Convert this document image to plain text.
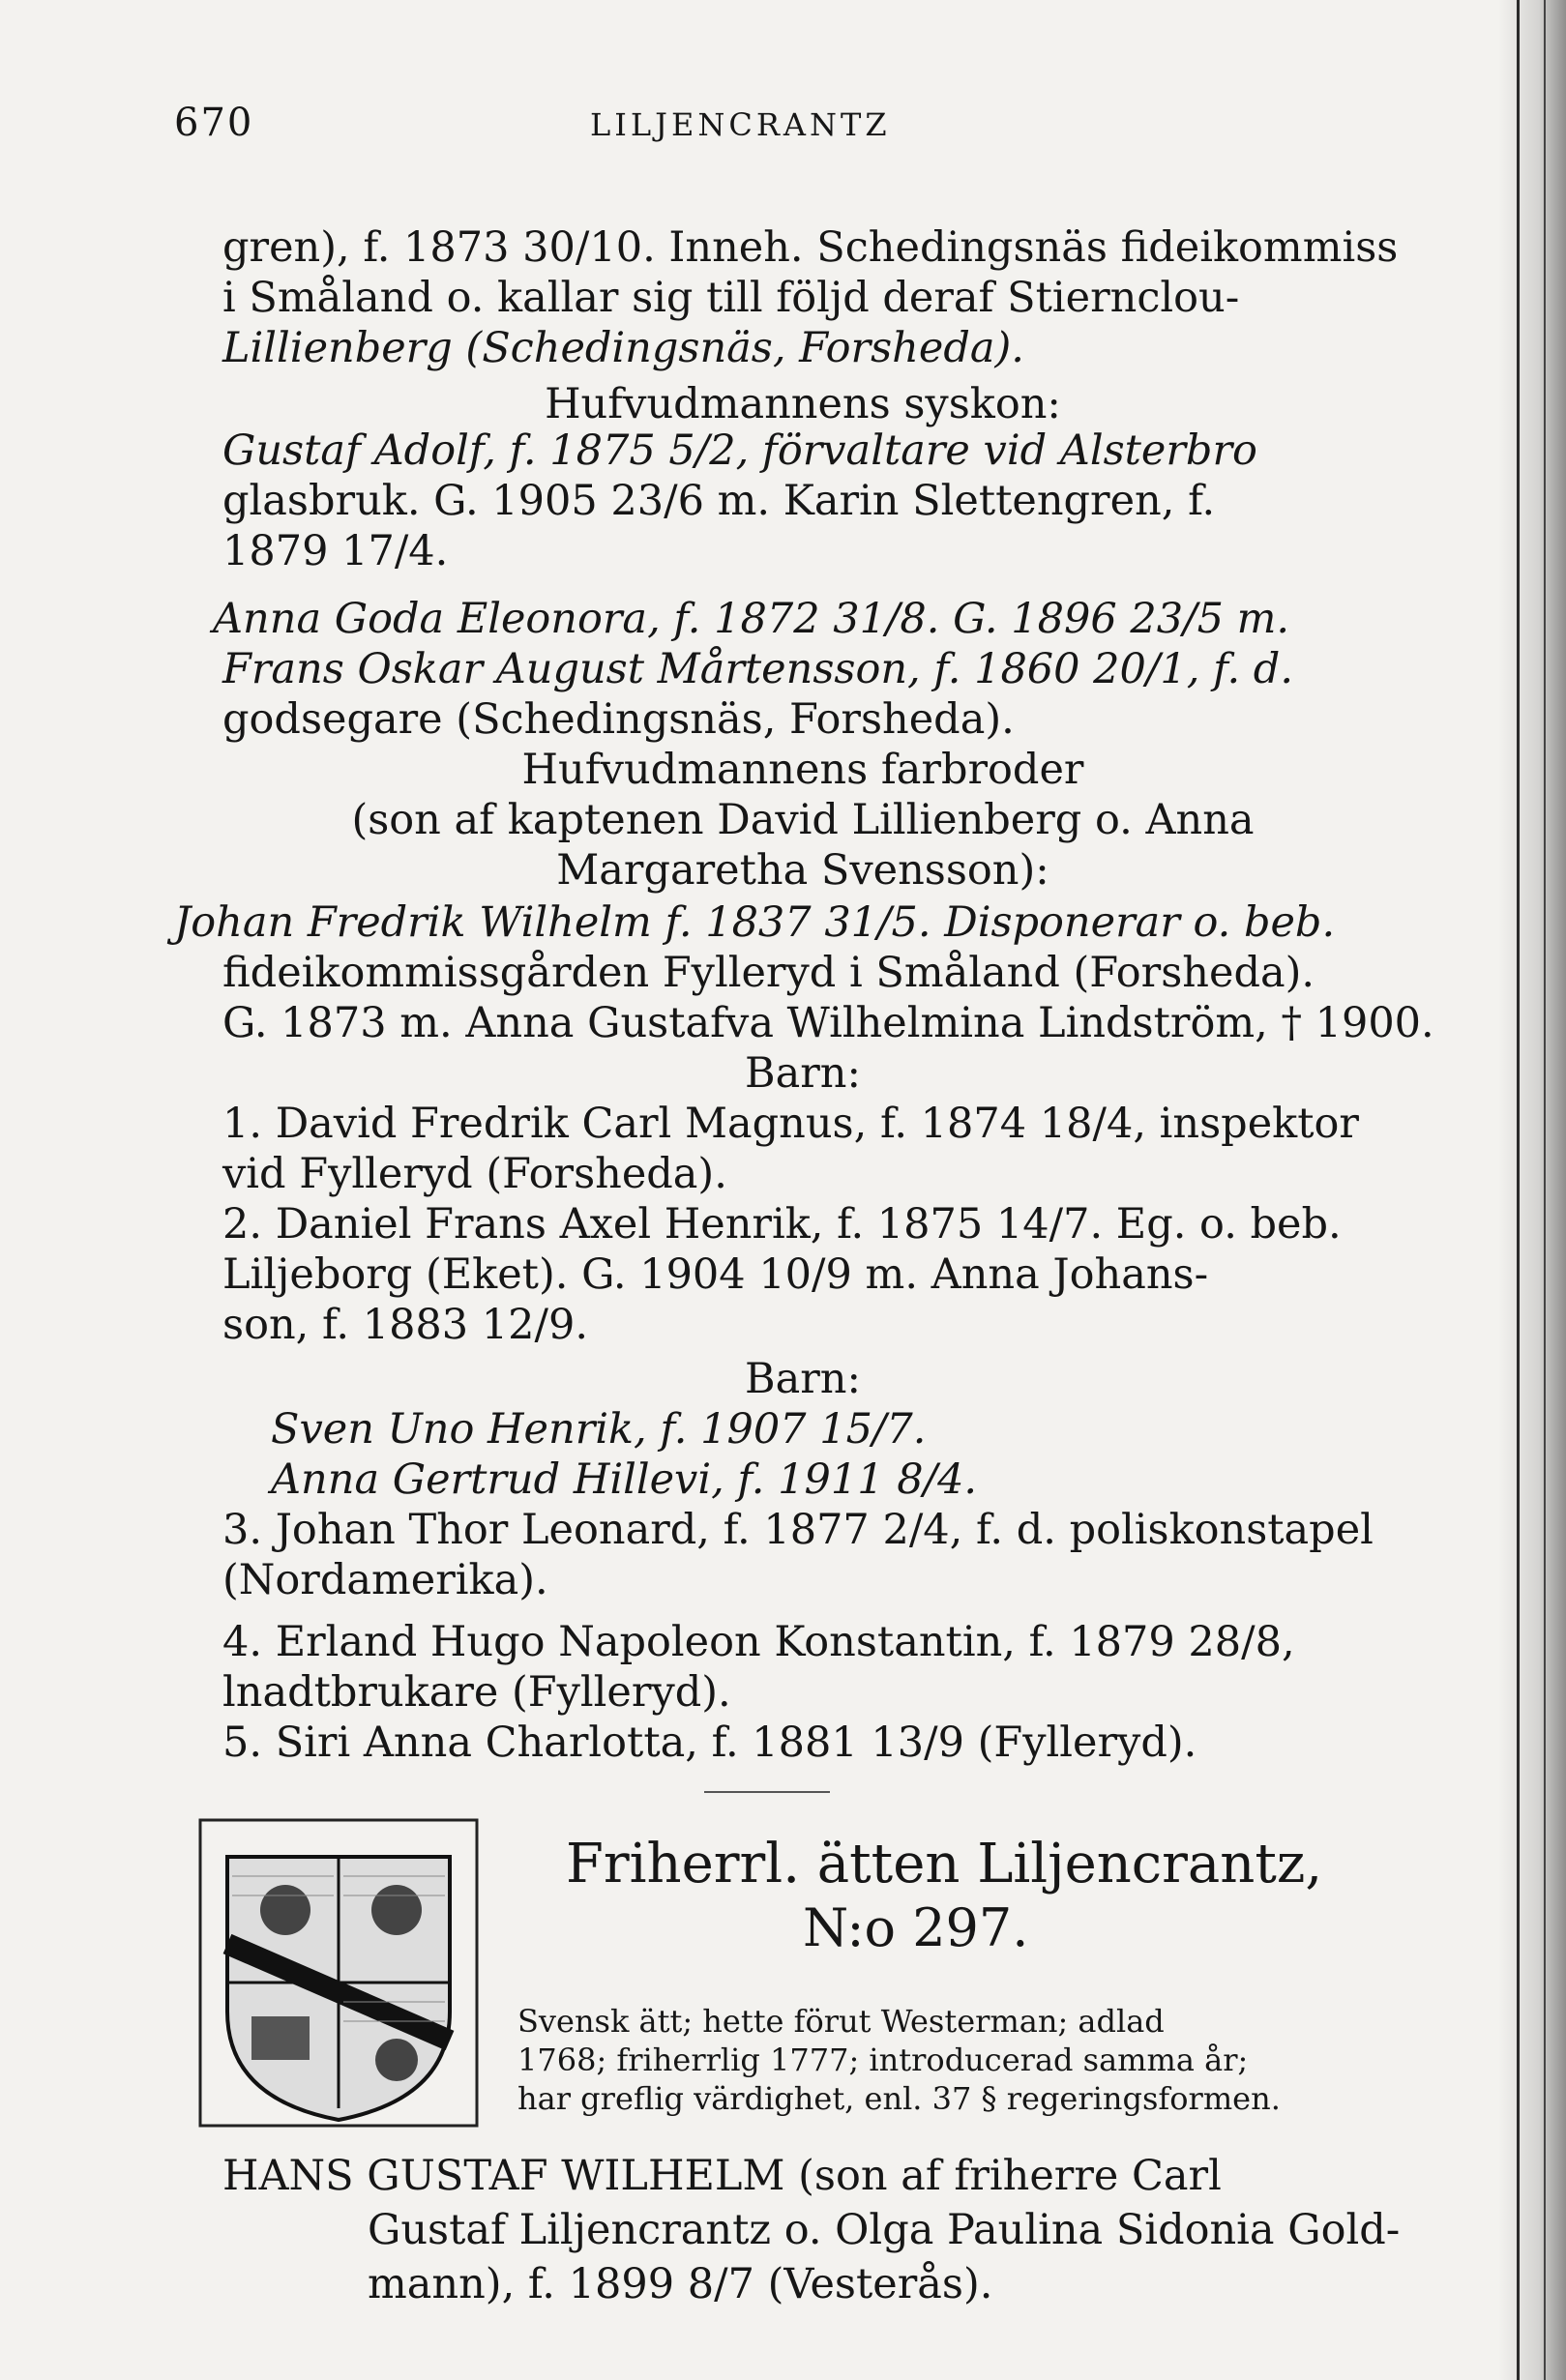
670	LILJENCRANTZ
gren), f. 1873 30/10. Inneh. Schedingsnäs fideikommiss
i Småland o. kallar sig till följd deraf Stiernclou-
Lillienberg (Schedingsnäs, Forsheda).
Hufvudmannens syskon:
Gustaf Adolf, f. 1875 5/2, förvaltare vid Alsterbro
glasbruk. G. 1905 23/6 m. Karin Slettengren, f.
1879 17/4.
Anna Goda Eleonora, f. 1872 31/8. G. 1896 23/5 m.
Frans Oskar August Mårtensson, f. 1860 20/1, f. d.
godsegare (Schedingsnäs, Forsheda).
Hufvudmannens farbroder
(son af kaptenen David Lillienberg o. Anna
Margaretha Svensson):
Johan Fredrik Wilhelm f. 1837 31/5. Disponerar o. beb.
fideikommissgården Fylleryd i Småland (Forsheda).
G. 1873 m. Anna Gustafva Wilhelmina Lindström, † 1900.
Barn:
1. David Fredrik Carl Magnus, f. 1874 18/4, inspektor
vid Fylleryd (Forsheda).
2. Daniel Frans Axel Henrik, f. 1875 14/7. Eg. o. beb.
Liljeborg (Eket). G. 1904 10/9 m. Anna Johans-
son, f. 1883 12/9.
Barn:
Sven Uno Henrik, f. 1907 15/7.
Anna Gertrud Hillevi, f. 1911 8/4.
3. Johan Thor Leonard, f. 1877 2/4, f. d. poliskonstapel
(Nordamerika).
4. Erland Hugo Napoleon Konstantin, f. 1879 28/8,
lnadtbrukare (Fylleryd).
5. Siri Anna Charlotta, f. 1881 13/9 (Fylleryd).
Friherrl. ätten Liljencrantz,
N:o 297.
Svensk ätt; hette förut Westerman; adlad
1768; friherrlig 1777; introducerad samma år;
har greflig värdighet, enl. 37 § regeringsformen.
HANS GUSTAF WILHELM (son af friherre Carl
Gustaf Liljencrantz o. Olga Paulina Sidonia Gold-
mann), f. 1899 8/7 (Vesterås).
